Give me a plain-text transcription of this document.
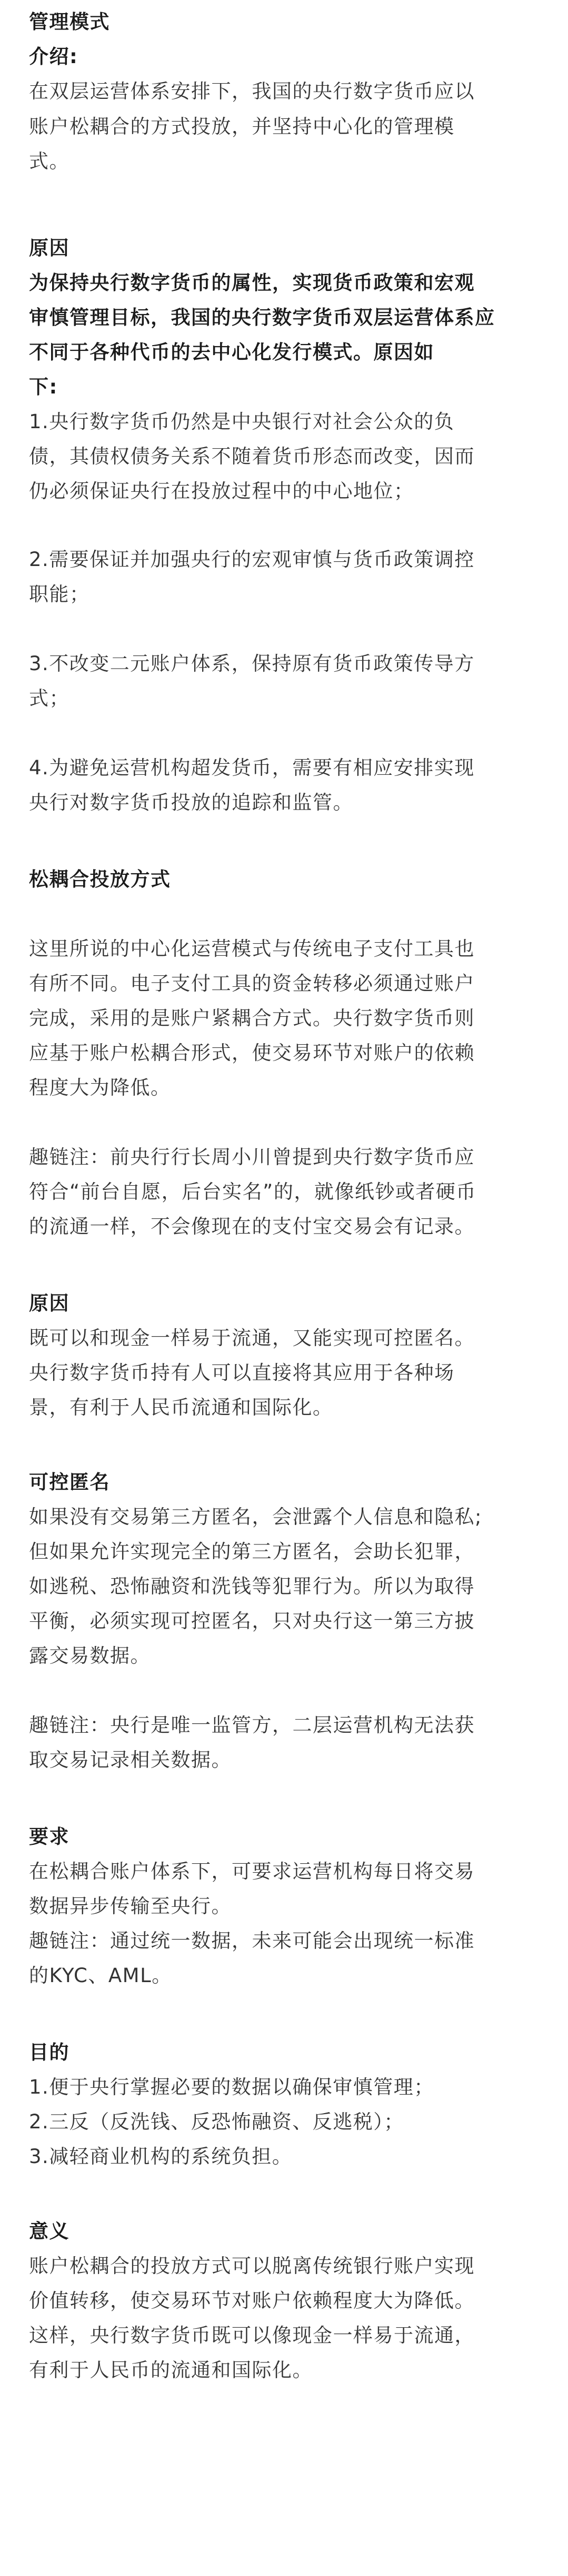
管理模式

介绍:

在双层运营体系安排下，我国的央行数字货币应以

账户松耦合的方式投放，并坚持中心化的管理模

式。

原因

为保持央行数字货币的属性，实现货币政策和宏观

审慎管理目标，我国的央行数字货币双层运营体系应

不同于各种代币的去中心化发行模式。原因如

下:

1.央行数字货币仍然是中央银行对社会公众的负

债，其债权债务关系不随着货币形态而改变，因而

仍必须保证央行在投放过程中的中心地位；

2.需要保证并加强央行的宏观审慎与货币政策调控

职能；

3.不改变二元账户体系，保持原有货币政策传导方

式；

4.为避免运营机构超发货币，需要有相应安排实现

央行对数字货币投放的追踪和监管。

松耦合投放方式

这里所说的中心化运营模式与传统电子支付工具也

有所不同。电子支付工具的资金转移必须通过账户

完成，采用的是账户紧耦合方式。央行数字货币则

应基于账户松耦合形式，使交易环节对账户的依赖

程度大为降低。

趣链注：前央行行长周小川曾提到央行数字货币应

符合“前台自愿，后台实名”的，就像纸钞或者硬币

的流通一样，不会像现在的支付宝交易会有记录。

原因

既可以和现金一样易于流通，又能实现可控匿名。

央行数字货币持有人可以直接将其应用于各种场

景，有利于人民币流通和国际化。

可控匿名

如果没有交易第三方匿名，会泄露个人信息和隐私;

但如果允许实现完全的第三方匿名，会助长犯罪，

如逃税、恐怖融资和洗钱等犯罪行为。所以为取得

平衡，必须实现可控匿名，只对央行这一第三方披

露交易数据。

趣链注：央行是唯一监管方，二层运营机构无法获

取交易记录相关数据。

要求

在松耦合账户体系下，可要求运营机构每日将交易

数据异步传输至央行。

趣链注：通过统一数据，未来可能会出现统一标准

的KYC、AML。

目的

1.便于央行掌握必要的数据以确保审慎管理；

2.三反（反洗钱、反恐怖融资、反逃税）；

3.减轻商业机构的系统负担。

意义

账户松耦合的投放方式可以脱离传统银行账户实现

价值转移，使交易环节对账户依赖程度大为降低。

这样，央行数字货币既可以像现金一样易于流通，

有利于人民币的流通和国际化。
